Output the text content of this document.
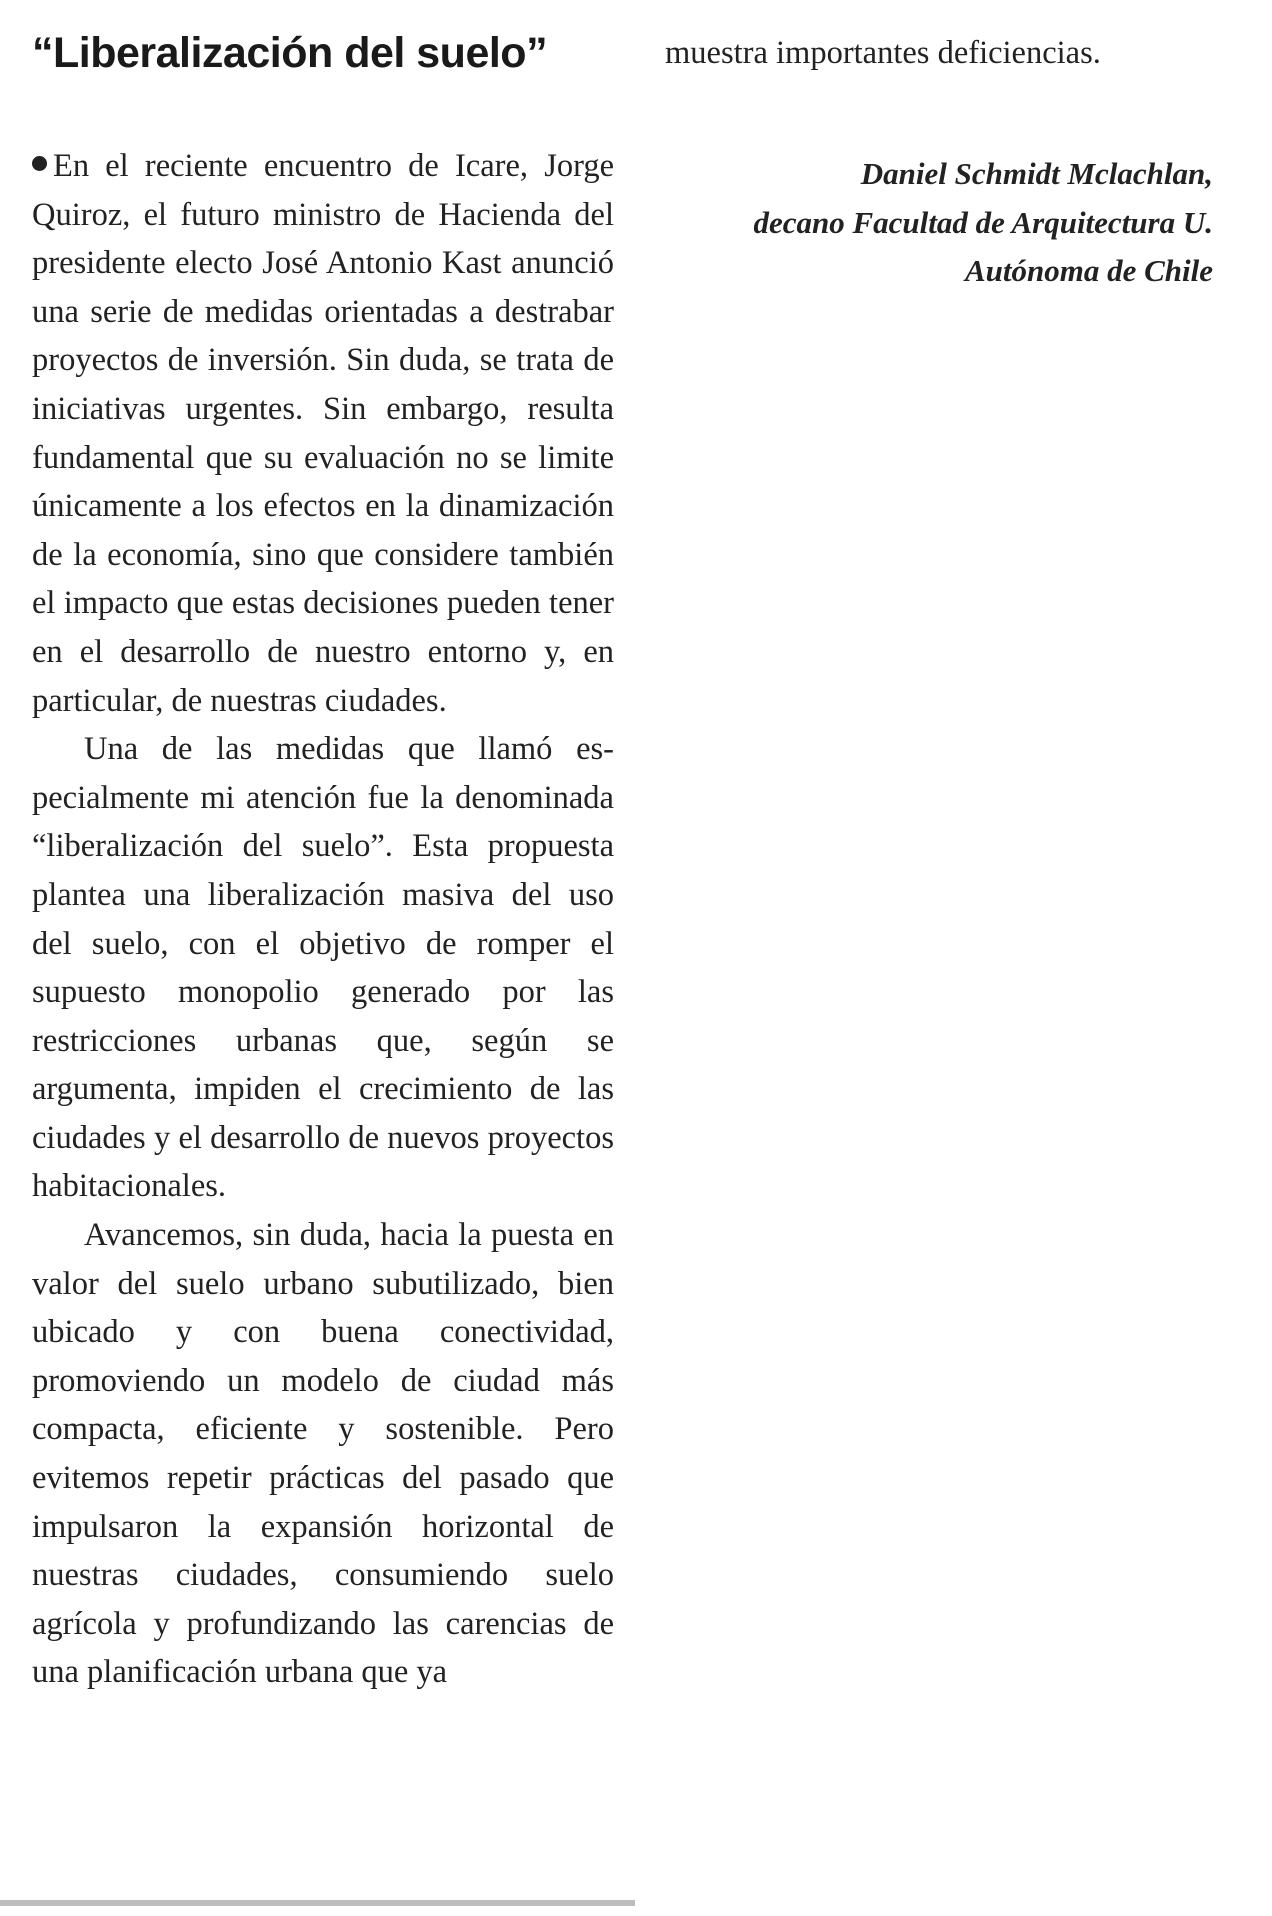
“Liberalización del suelo”

En el reciente encuentro de Icare, Jorge Quiroz, el futuro ministro de Hacienda del presidente electo José Antonio Kast anunció una serie de medidas orientadas a destrabar proyectos de inversión. Sin duda, se trata de iniciativas urgentes. Sin embargo, resulta fundamental que su evaluación no se limite únicamente a los efectos en la dinamización de la economía, sino que considere también el impacto que estas decisiones pueden tener en el desarrollo de nuestro entorno y, en particular, de nuestras ciudades.

Una de las medidas que llamó especialmente mi atención fue la denominada “liberalización del suelo”. Esta propuesta plantea una liberalización masiva del uso del suelo, con el objetivo de romper el supuesto monopolio generado por las restricciones urbanas que, según se argumenta, impiden el crecimiento de las ciudades y el desarrollo de nuevos proyectos habitacionales.

Avancemos, sin duda, hacia la puesta en valor del suelo urbano subutilizado, bien ubicado y con buena conectividad, promoviendo un modelo de ciudad más compacta, eficiente y sostenible. Pero evitemos repetir prácticas del pasado que impulsaron la expansión horizontal de nuestras ciudades, consumiendo suelo agrícola y profundizando las carencias de una planificación urbana que ya

muestra importantes deficiencias.

Daniel Schmidt Mclachlan,
decano Facultad de Arquitectura U.
Autónoma de Chile
